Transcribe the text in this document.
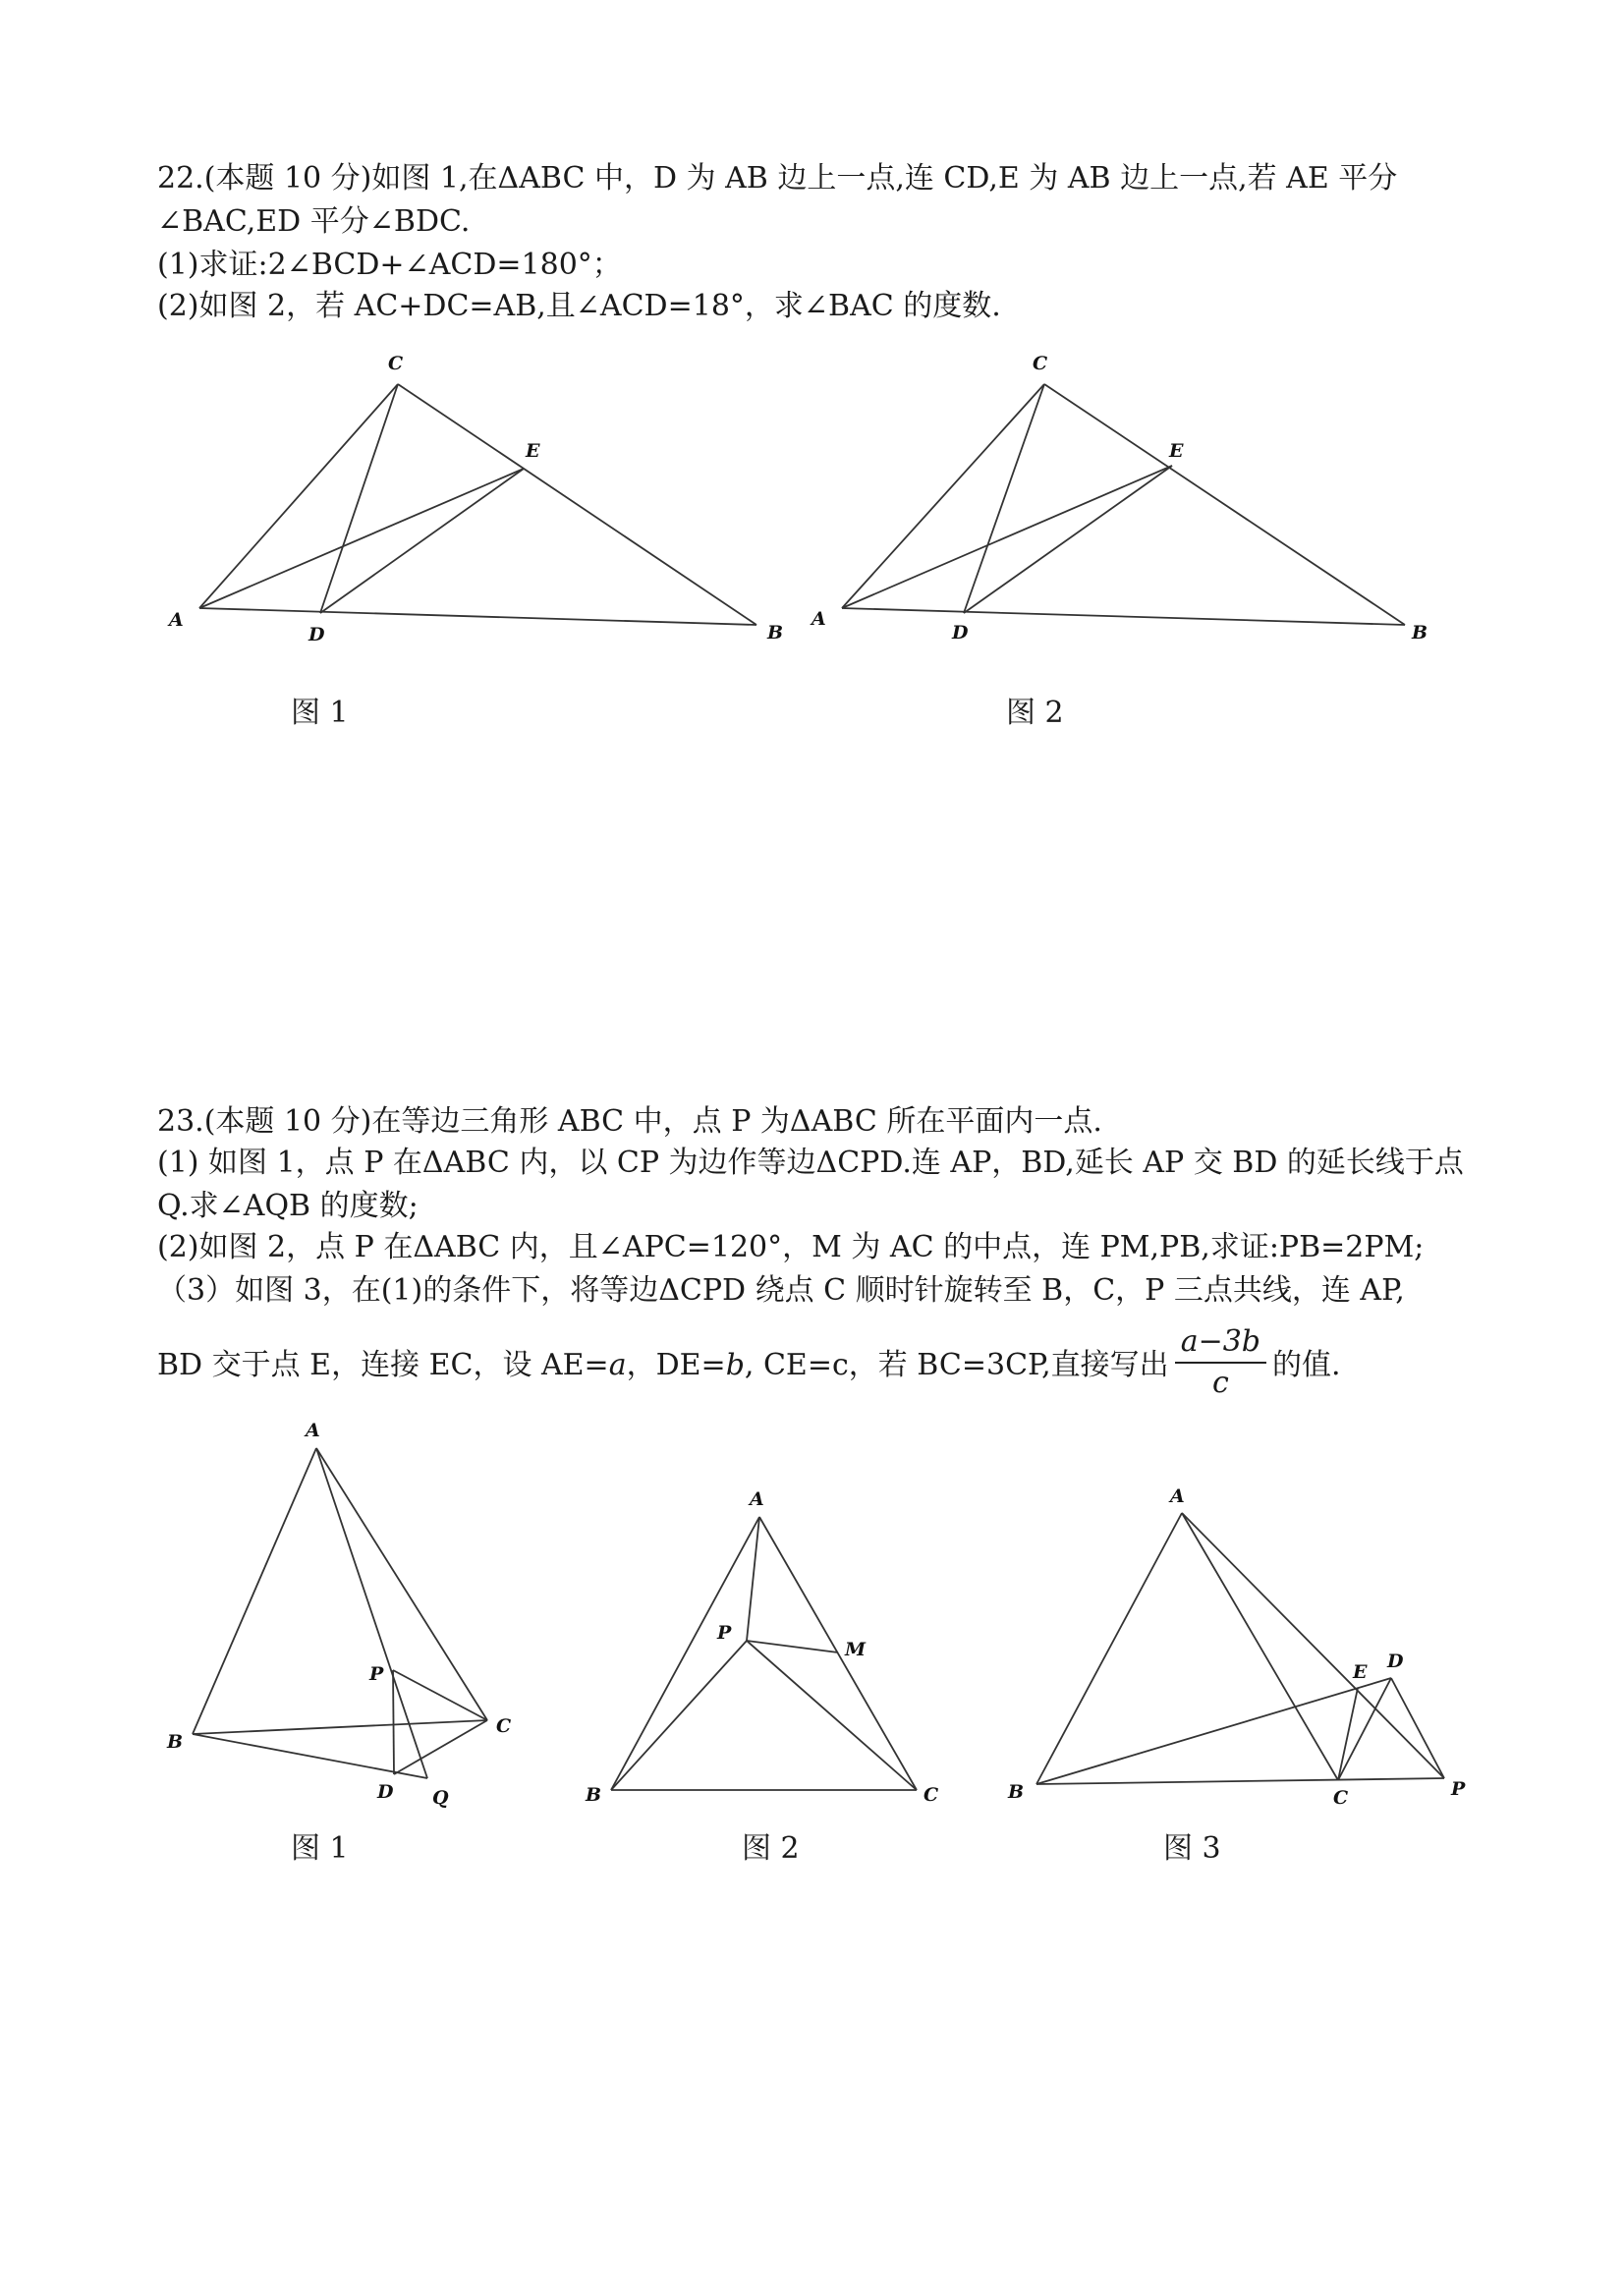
22.(本题 10 分)如图 1,在ΔABC 中，D 为 AB 边上一点,连 CD,E 为 AB 边上一点,若 AE 平分
∠BAC,ED 平分∠BDC.
(1)求证:2∠BCD+∠ACD=180°；
(2)如图 2，若 AC+DC=AB,且∠ACD=18°，求∠BAC 的度数.
C
E
A
D	B
图 1
C
E
A
D	B
图 2
23.(本题 10 分)在等边三角形 ABC 中，点 P 为ΔABC 所在平面内一点.
(1) 如图 1，点 P 在ΔABC 内，以 CP 为边作等边ΔCPD.连 AP，BD,延长 AP 交 BD 的延长线于点
Q.求∠AQB 的度数;
(2)如图 2，点 P 在ΔABC 内，且∠APC=120°，M 为 AC 的中点，连 PM,PB,求证:PB=2PM;
（3）如图 3，在(1)的条件下，将等边ΔCPD 绕点 C 顺时针旋转至 B，C，P 三点共线，连 AP,
BD 交于点 E，连接 EC，设 AE=a，DE=b, CE=c，若 BC=3CP,直接写出 $\frac{a-3b}{c}$ 的值.
A
P
C
B
D Q
图 1
A
P
M
B	C
图 2
A
E D
B	C	P
图 3
